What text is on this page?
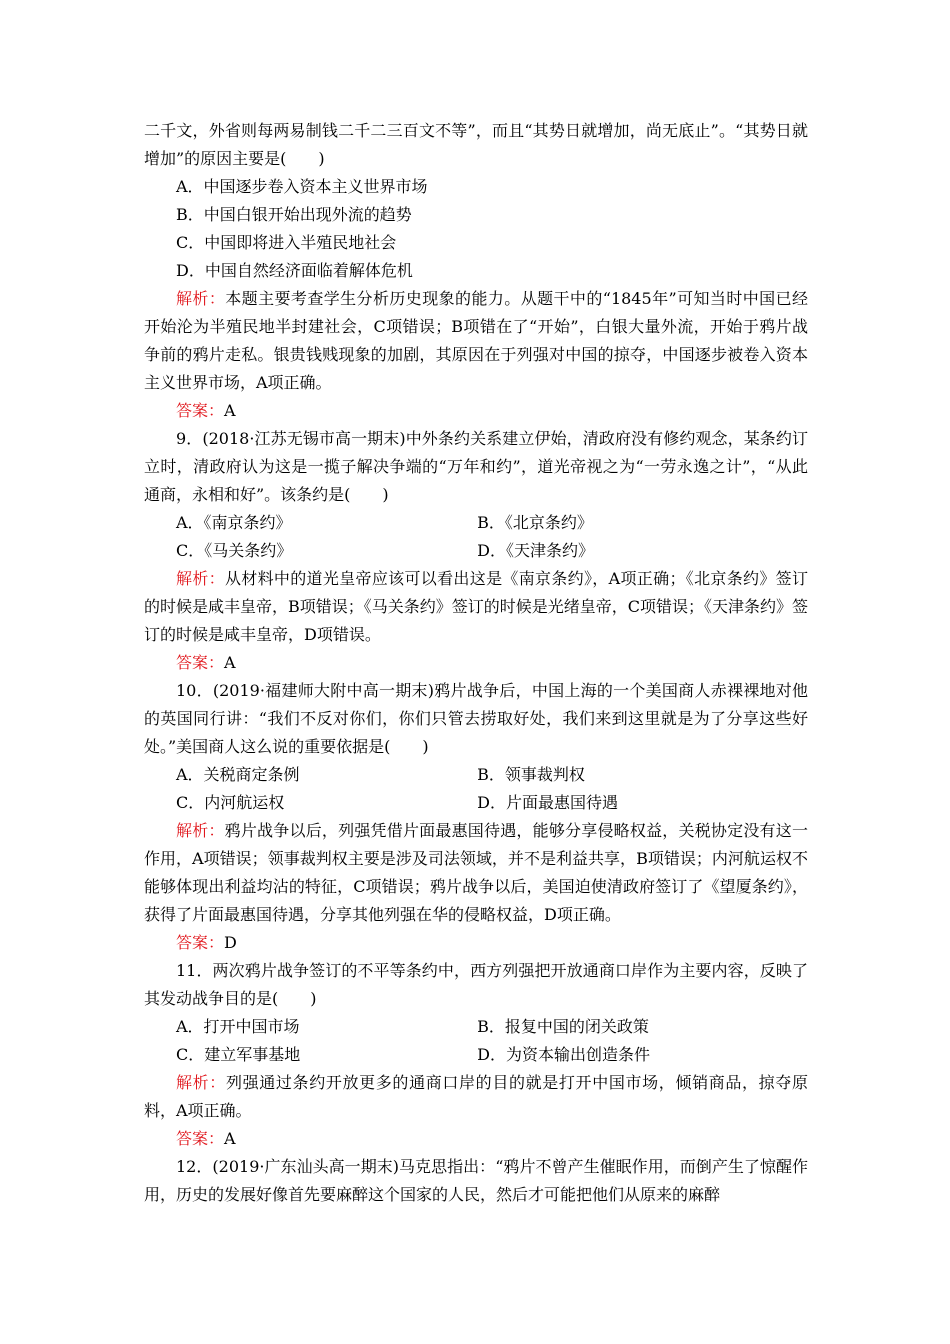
二千文，外省则每两易制钱二千二三百文不等”，而且“其势日就增加，尚无底止”。“其势日就增加”的原因主要是(　　)

A．中国逐步卷入资本主义世界市场

B．中国白银开始出现外流的趋势

C．中国即将进入半殖民地社会

D．中国自然经济面临着解体危机

解析：本题主要考查学生分析历史现象的能力。从题干中的“1845年”可知当时中国已经开始沦为半殖民地半封建社会，C项错误；B项错在了“开始”，白银大量外流，开始于鸦片战争前的鸦片走私。银贵钱贱现象的加剧，其原因在于列强对中国的掠夺，中国逐步被卷入资本主义世界市场，A项正确。

答案：A

9．(2018·江苏无锡市高一期末)中外条约关系建立伊始，清政府没有修约观念，某条约订立时，清政府认为这是一揽子解决争端的“万年和约”，道光帝视之为“一劳永逸之计”，“从此通商，永相和好”。该条约是(　　)

A．《南京条约》	B．《北京条约》
C．《马关条约》	D．《天津条约》

解析：从材料中的道光皇帝应该可以看出这是《南京条约》，A项正确；《北京条约》签订的时候是咸丰皇帝，B项错误；《马关条约》签订的时候是光绪皇帝，C项错误；《天津条约》签订的时候是咸丰皇帝，D项错误。

答案：A

10．(2019·福建师大附中高一期末)鸦片战争后，中国上海的一个美国商人赤裸裸地对他的英国同行讲：“我们不反对你们，你们只管去捞取好处，我们来到这里就是为了分享这些好处。”美国商人这么说的重要依据是(　　)

A．关税商定条例	B．领事裁判权
C．内河航运权	D．片面最惠国待遇

解析：鸦片战争以后，列强凭借片面最惠国待遇，能够分享侵略权益，关税协定没有这一作用，A项错误；领事裁判权主要是涉及司法领域，并不是利益共享，B项错误；内河航运权不能够体现出利益均沾的特征，C项错误；鸦片战争以后，美国迫使清政府签订了《望厦条约》，获得了片面最惠国待遇，分享其他列强在华的侵略权益，D项正确。

答案：D

11．两次鸦片战争签订的不平等条约中，西方列强把开放通商口岸作为主要内容，反映了其发动战争目的是(　　)

A．打开中国市场	B．报复中国的闭关政策
C．建立军事基地	D．为资本输出创造条件

解析：列强通过条约开放更多的通商口岸的目的就是打开中国市场，倾销商品，掠夺原料，A项正确。

答案：A

12．(2019·广东汕头高一期末)马克思指出：“鸦片不曾产生催眠作用，而倒产生了惊醒作用，历史的发展好像首先要麻醉这个国家的人民，然后才可能把他们从原来的麻醉
